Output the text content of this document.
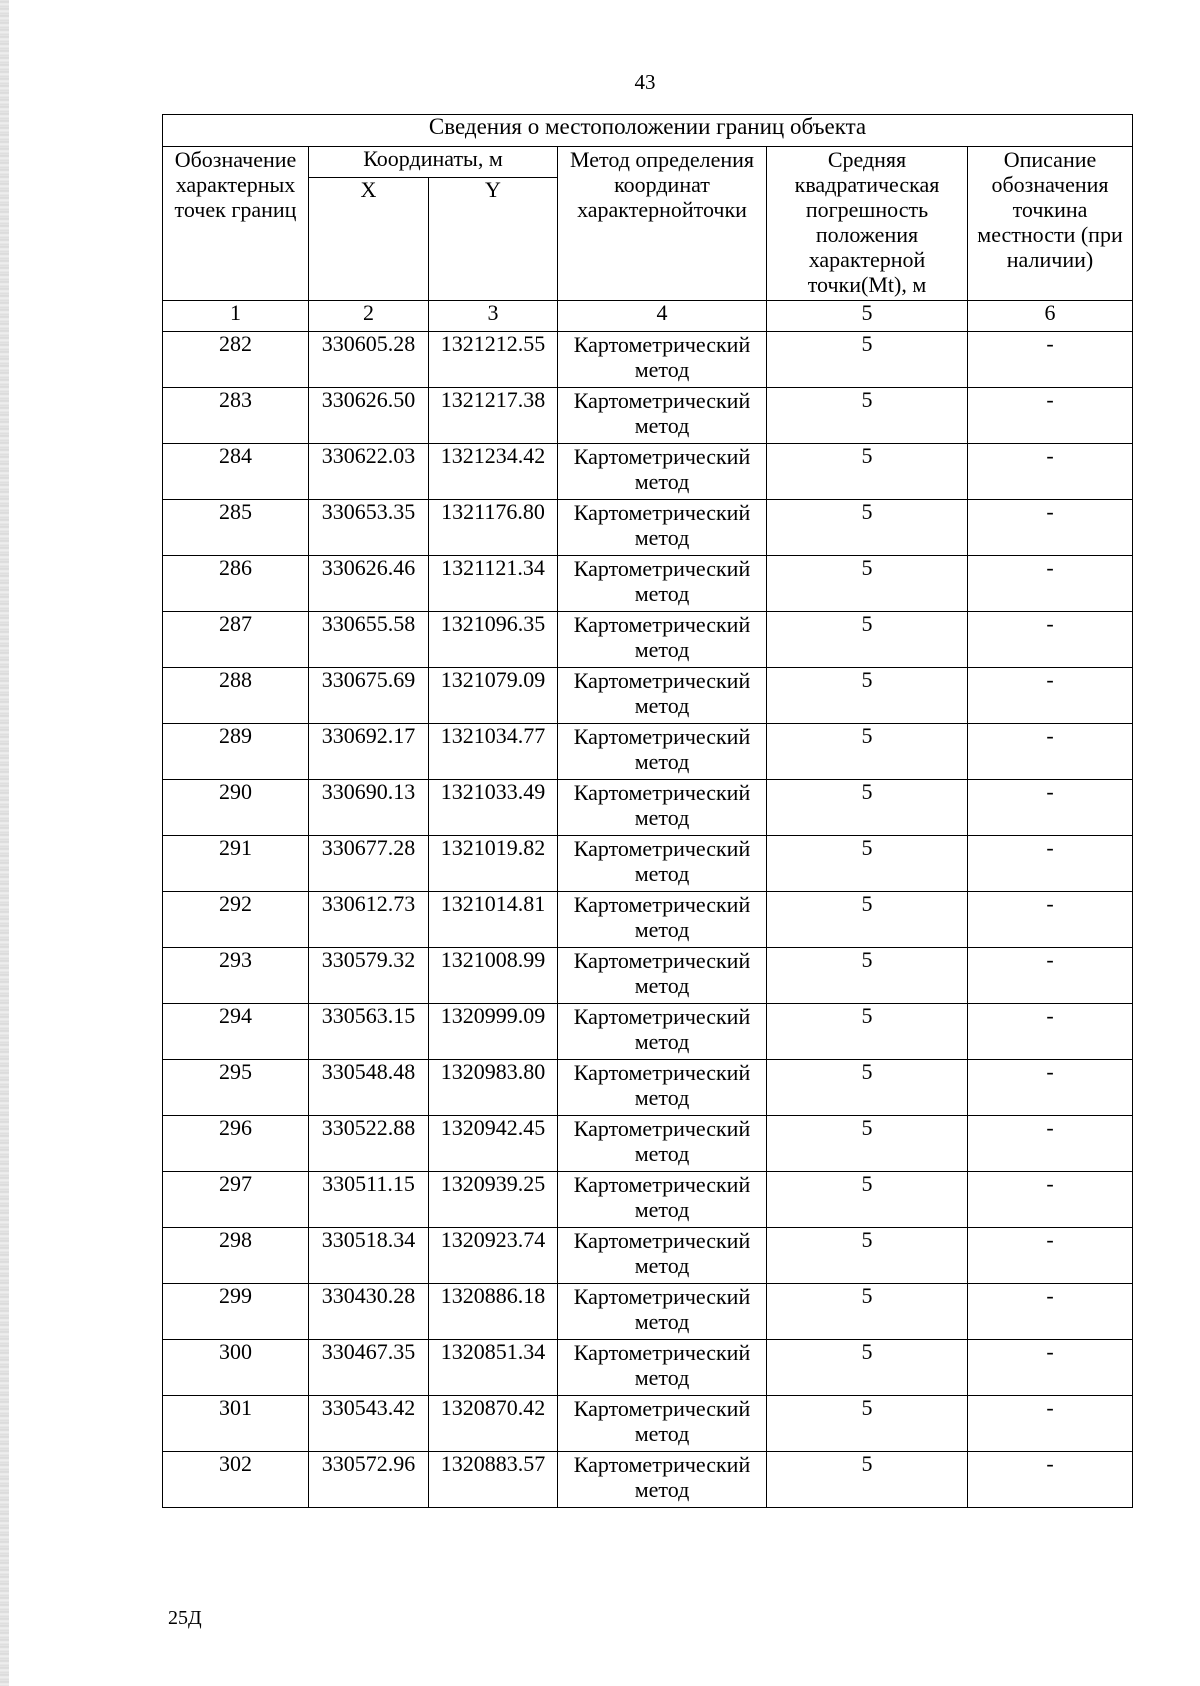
43
Сведения о местоположении границ объекта					
Обозначение характерных точек границ	Координаты, м		Метод определения координат характернойточки	Средняя квадратическая погрешность положения характерной точки(Mt), м	Описание обозначения точкина местности (при наличии)
	X	Y			
1	2	3	4	5	6
282	330605.28	1321212.55	Картометрический метод	5	-
283	330626.50	1321217.38	Картометрический метод	5	-
284	330622.03	1321234.42	Картометрический метод	5	-
285	330653.35	1321176.80	Картометрический метод	5	-
286	330626.46	1321121.34	Картометрический метод	5	-
287	330655.58	1321096.35	Картометрический метод	5	-
288	330675.69	1321079.09	Картометрический метод	5	-
289	330692.17	1321034.77	Картометрический метод	5	-
290	330690.13	1321033.49	Картометрический метод	5	-
291	330677.28	1321019.82	Картометрический метод	5	-
292	330612.73	1321014.81	Картометрический метод	5	-
293	330579.32	1321008.99	Картометрический метод	5	-
294	330563.15	1320999.09	Картометрический метод	5	-
295	330548.48	1320983.80	Картометрический метод	5	-
296	330522.88	1320942.45	Картометрический метод	5	-
297	330511.15	1320939.25	Картометрический метод	5	-
298	330518.34	1320923.74	Картометрический метод	5	-
299	330430.28	1320886.18	Картометрический метод	5	-
300	330467.35	1320851.34	Картометрический метод	5	-
301	330543.42	1320870.42	Картометрический метод	5	-
302	330572.96	1320883.57	Картометрический метод	5	-
25Д
